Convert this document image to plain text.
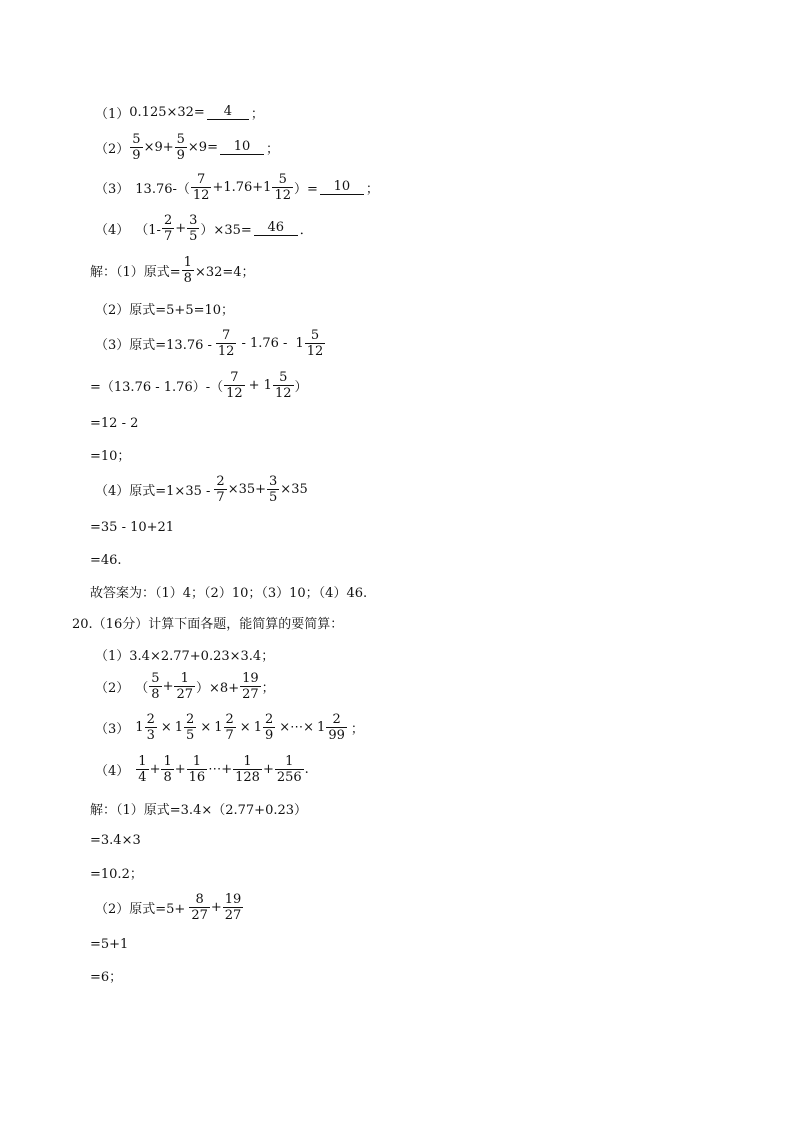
（1） 0.125×32=	4	；
$(2) \frac{5}{9} \times 9+ \frac{5}{9} \times 9=$	10	；
（3） $13.76-( \frac{7}{12} +1.76+1 \frac{5}{12}$ ）=	10	；
（4） $(1- \frac{2}{7} + \frac{3}{5} )\times 35=$	46	．
解：（1）原式= $\frac{1}{8} \times 32=4$；
（2）原式=5+5=10；
（3）原式$=13.76 - \frac{7}{12} - 1.76 - 1 \frac{5}{12}$
$=(13.76 - 1.76)-( \frac{7}{12} + 1 \frac{5}{12}$ ）
=12 - 2
=10；
（4）原式$=1\times 35 - \frac{2}{7} \times 35+ \frac{3}{5} \times 35$
=35 - 10+21
=46.
故答案为：（1）4；（2）10；（3）10；（4）46.
20.（16分）计算下面各题，能简算的要简算：
（1）3.4×2.77+0.23×3.4；
（2） （ $\frac{5}{8} + \frac{1}{27} )\times 8+ \frac{19}{27}$ ；
（3） $1 \frac{2}{3} \times 1 \frac{2}{5} \times 1 \frac{2}{7} \times 1 \frac{2}{9}$ ×⋯× $1 \frac{2}{99}$ ；
$(4) \frac{1}{4} + \frac{1}{8} + \frac{1}{16}$ ⋯+ $\frac{1}{128} + \frac{1}{256}$ .
解：（1）原式=3.4×（2.77+0.23）
=3.4×3
=10.2；
（2）原式$=5+ \frac{8}{27} + \frac{19}{27}$
=5+1
=6；
